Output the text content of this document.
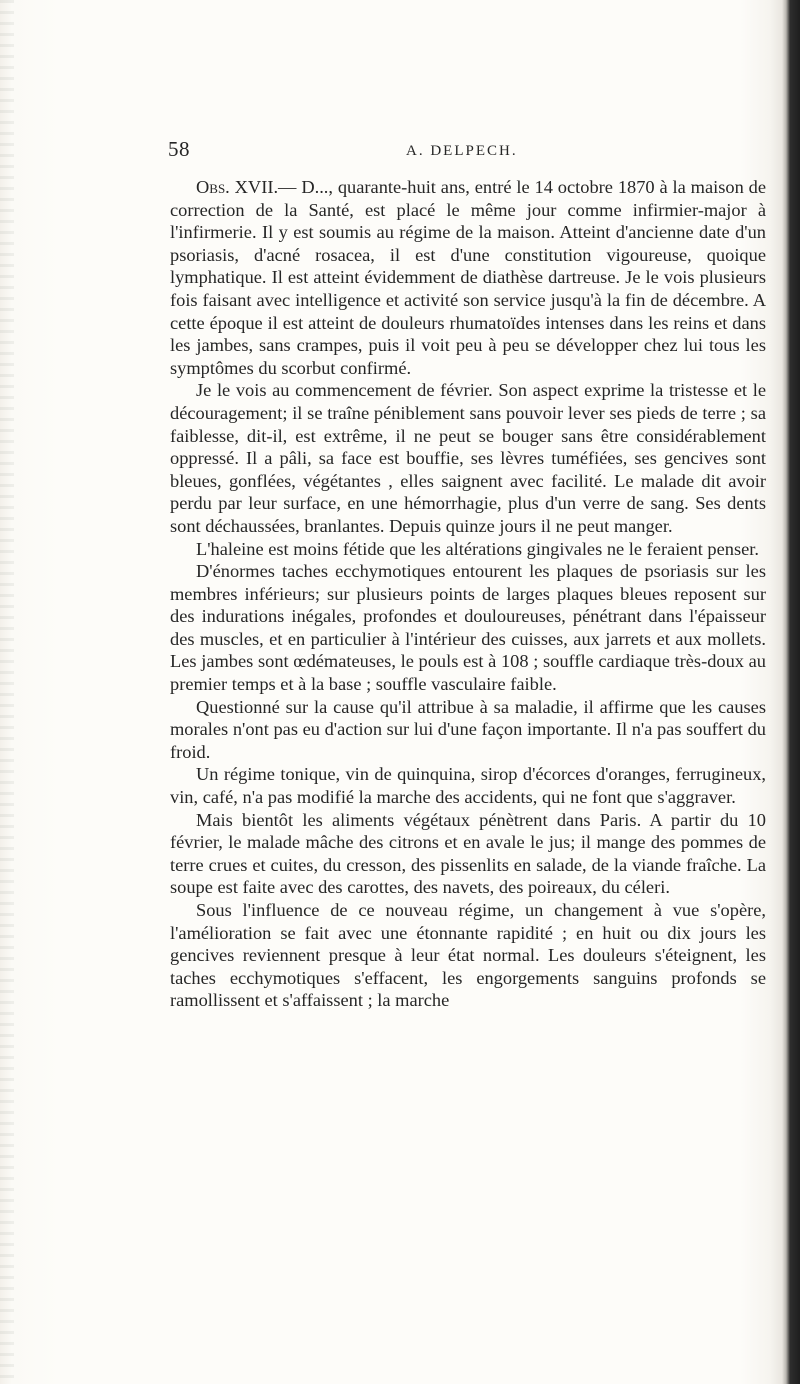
58	A. DELPECH.

Obs. XVII.— D..., quarante-huit ans, entré le 14 octobre 1870 à la maison de correction de la Santé, est placé le même jour comme infirmier-major à l'infirmerie. Il y est soumis au régime de la maison. Atteint d'ancienne date d'un psoriasis, d'acné rosacea, il est d'une constitution vigoureuse, quoique lymphatique. Il est atteint évidemment de diathèse dartreuse. Je le vois plusieurs fois faisant avec intelligence et activité son service jusqu'à la fin de décembre. A cette époque il est atteint de douleurs rhumatoïdes intenses dans les reins et dans les jambes, sans crampes, puis il voit peu à peu se développer chez lui tous les symptômes du scorbut confirmé.

Je le vois au commencement de février. Son aspect exprime la tristesse et le découragement; il se traîne péniblement sans pouvoir lever ses pieds de terre ; sa faiblesse, dit-il, est extrême, il ne peut se bouger sans être considérablement oppressé. Il a pâli, sa face est bouffie, ses lèvres tuméfiées, ses gencives sont bleues, gonflées, végétantes , elles saignent avec facilité. Le malade dit avoir perdu par leur surface, en une hémorrhagie, plus d'un verre de sang. Ses dents sont déchaussées, branlantes. Depuis quinze jours il ne peut manger.

L'haleine est moins fétide que les altérations gingivales ne le feraient penser.

D'énormes taches ecchymotiques entourent les plaques de psoriasis sur les membres inférieurs; sur plusieurs points de larges plaques bleues reposent sur des indurations inégales, profondes et douloureuses, pénétrant dans l'épaisseur des muscles, et en particulier à l'intérieur des cuisses, aux jarrets et aux mollets. Les jambes sont œdémateuses, le pouls est à 108 ; souffle cardiaque très-doux au premier temps et à la base ; souffle vasculaire faible.

Questionné sur la cause qu'il attribue à sa maladie, il affirme que les causes morales n'ont pas eu d'action sur lui d'une façon importante. Il n'a pas souffert du froid.

Un régime tonique, vin de quinquina, sirop d'écorces d'oranges, ferrugineux, vin, café, n'a pas modifié la marche des accidents, qui ne font que s'aggraver.

Mais bientôt les aliments végétaux pénètrent dans Paris. A partir du 10 février, le malade mâche des citrons et en avale le jus; il mange des pommes de terre crues et cuites, du cresson, des pissenlits en salade, de la viande fraîche. La soupe est faite avec des carottes, des navets, des poireaux, du céleri.

Sous l'influence de ce nouveau régime, un changement à vue s'opère, l'amélioration se fait avec une étonnante rapidité ; en huit ou dix jours les gencives reviennent presque à leur état normal. Les douleurs s'éteignent, les taches ecchymotiques s'effacent, les engorgements sanguins profonds se ramollissent et s'affaissent ; la marche
